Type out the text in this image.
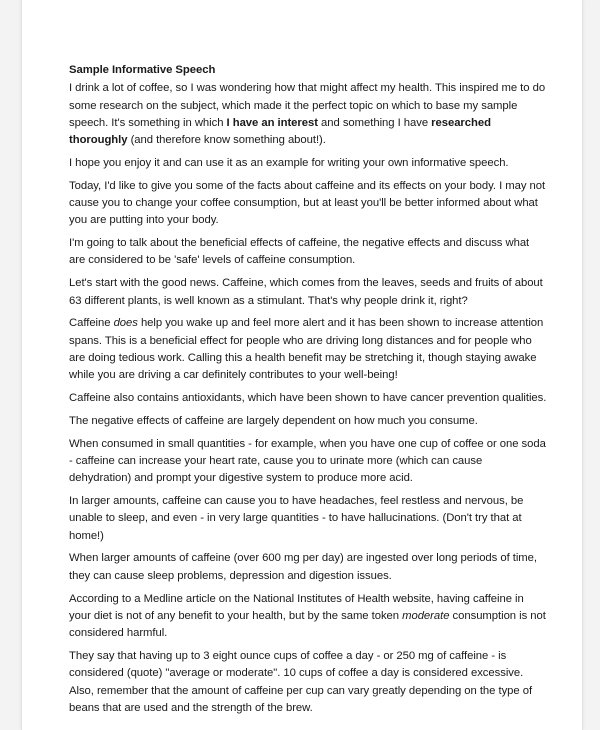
Sample Informative Speech

I drink a lot of coffee, so I was wondering how that might affect my health. This inspired me to do some research on the subject, which made it the perfect topic on which to base my sample speech. It's something in which I have an interest and something I have researched thoroughly (and therefore know something about!).

I hope you enjoy it and can use it as an example for writing your own informative speech.

Today, I'd like to give you some of the facts about caffeine and its effects on your body. I may not cause you to change your coffee consumption, but at least you'll be better informed about what you are putting into your body.

I'm going to talk about the beneficial effects of caffeine, the negative effects and discuss what are considered to be 'safe' levels of caffeine consumption.

Let's start with the good news. Caffeine, which comes from the leaves, seeds and fruits of about 63 different plants, is well known as a stimulant. That's why people drink it, right?

Caffeine does help you wake up and feel more alert and it has been shown to increase attention spans. This is a beneficial effect for people who are driving long distances and for people who are doing tedious work. Calling this a health benefit may be stretching it, though staying awake while you are driving a car definitely contributes to your well-being!

Caffeine also contains antioxidants, which have been shown to have cancer prevention qualities.

The negative effects of caffeine are largely dependent on how much you consume.

When consumed in small quantities - for example, when you have one cup of coffee or one soda - caffeine can increase your heart rate, cause you to urinate more (which can cause dehydration) and prompt your digestive system to produce more acid.

In larger amounts, caffeine can cause you to have headaches, feel restless and nervous, be unable to sleep, and even - in very large quantities - to have hallucinations. (Don't try that at home!)

When larger amounts of caffeine (over 600 mg per day) are ingested over long periods of time, they can cause sleep problems, depression and digestion issues.

According to a Medline article on the National Institutes of Health website, having caffeine in your diet is not of any benefit to your health, but by the same token moderate consumption is not considered harmful.

They say that having up to 3 eight ounce cups of coffee a day - or 250 mg of caffeine - is considered (quote) "average or moderate". 10 cups of coffee a day is considered excessive. Also, remember that the amount of caffeine per cup can vary greatly depending on the type of beans that are used and the strength of the brew.
